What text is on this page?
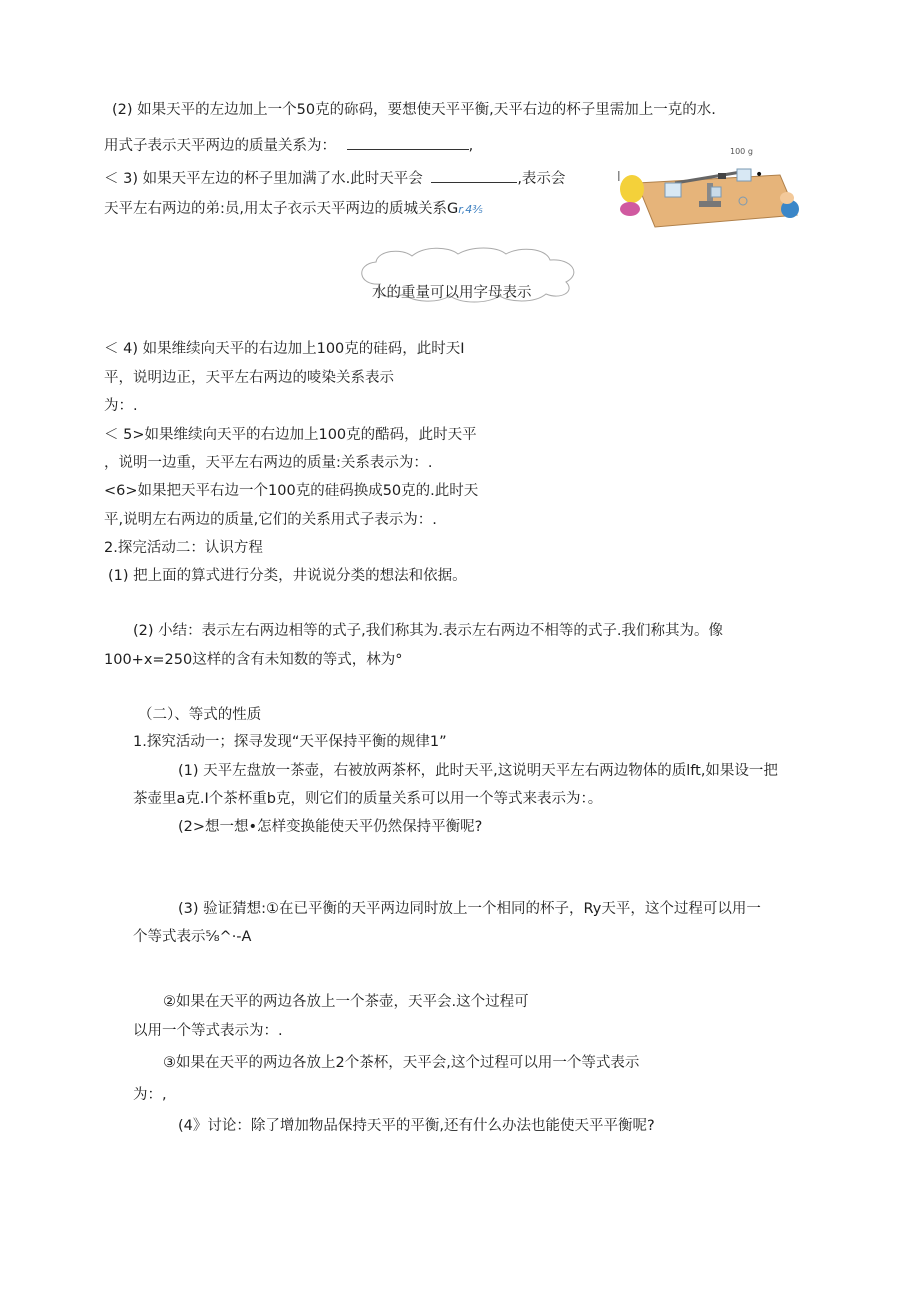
(2) 如果天平的左边加上一个50克的䂧码，要想使天平平衡,天平右边的杯子里需加上一克的水.
用式子表示天平两边的质量关系为：	,
＜ 3) 如果天平左边的杯子里加满了水.此时天平会	,表示会
天平左右两边的弟:员,用太子衣示天平两边的质城关系Gr,4⅗
100 g
•
水的重量可以用字母表示
＜ 4) 如果维续向天平的右边加上100克的硅码，此时天I
平，说明边正，天平左右两边的㖫染关系表示
为：.
＜ 5>如果维续向天平的右边加上100克的酷码，此时天平
，说明一边重，天平左右两边的质量:关系表示为：.
<6>如果把天平右边一个100克的硅码换成50克的.此时天
平,说明左右两边的质量,它们的关系用式子表示为：.
2.探完活动二：认识方程
(1) 把上面的算式进行分类，井说说分类的想法和依据。
(2) 小结：表示左右两边相等的式子,我们称其为.表示左右两边不相等的式子.我们称其为。像
100+x=250这样的含有未知数的等式，林为°
（二）、等式的性质
1.探究活动一；探寻发现“天平保持平衡的规律1”
(1) 天平左盘放一茶壶，右被放两茶杯，此时天平,这说明天平左右两边物体的质lft,如果设一把
茶壶里a克.I个茶杯重b克，则它们的质量关系可以用一个等式来表示为：。
(2>想一想•怎样变换能使天平仍然保持平衡呢?
(3) 验证猜想:①在已平衡的天平两边同时放上一个相同的杯子，Ry天平，这个过程可以用一
个等式表示⅝^·-A
②如果在天平的两边各放上一个茶壶，天平会.这个过程可
以用一个等式表示为：.
③如果在天平的两边各放上2个茶杯，天平会,这个过程可以用一个等式表示
为：,
(4》讨论：除了增加物品保持天平的平衡,还有什么办法也能使天平平衡呢?
